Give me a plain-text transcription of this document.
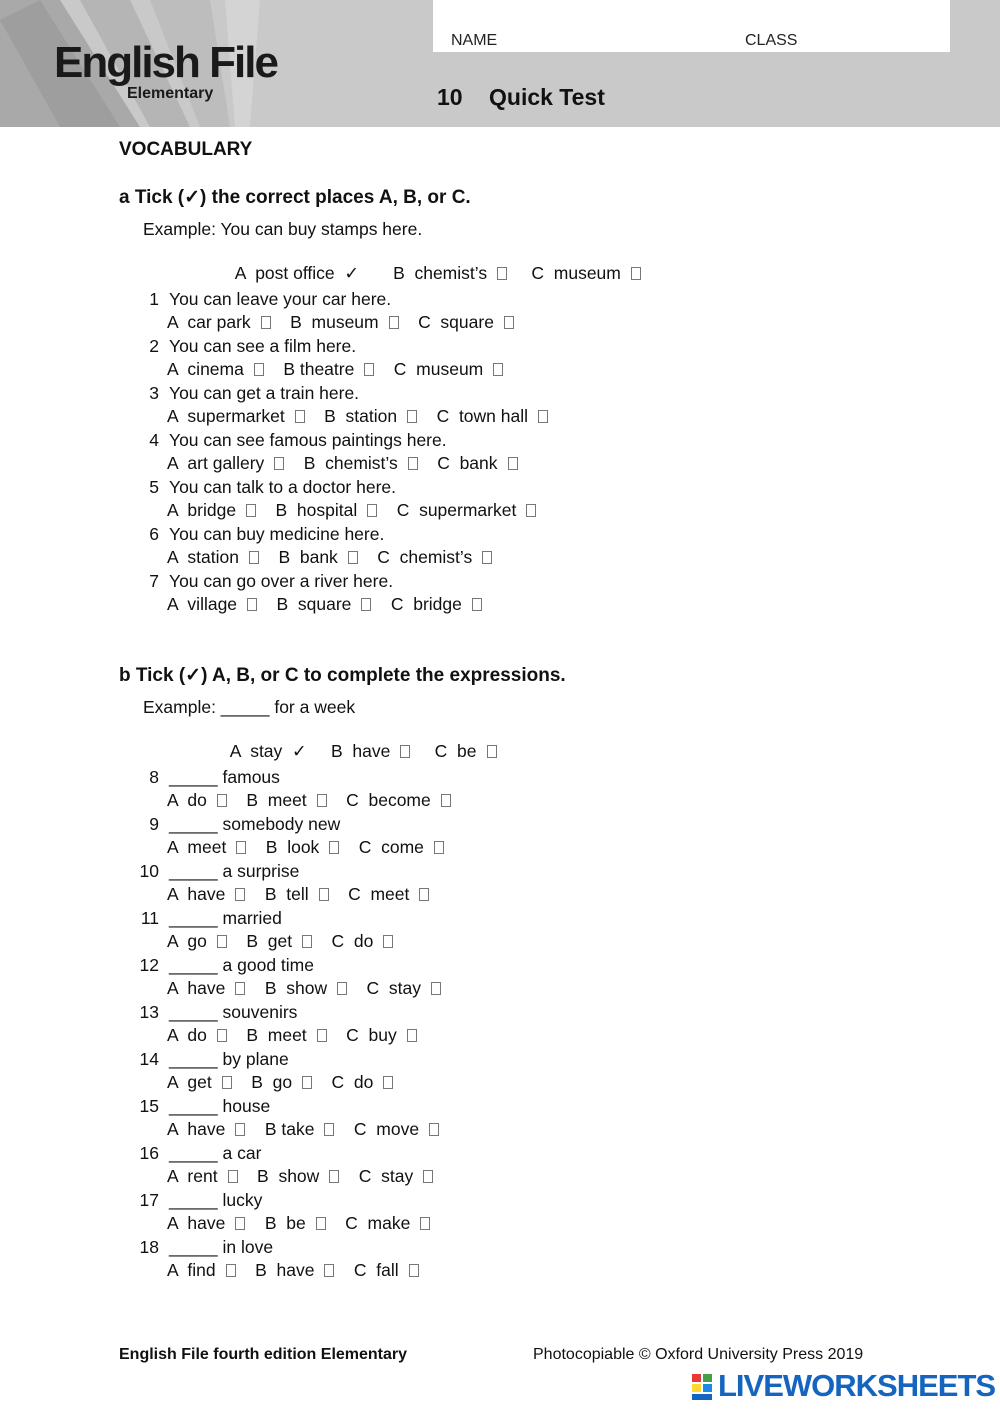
English File
Elementary
NAME	CLASS
10 Quick Test
VOCABULARY
a Tick (✓) the correct places A, B, or C.
Example: You can buy stamps here.

A  post office  ✓       B  chemist’s	C  museum

1 You can leave your car here.
A  car park B  museum C  square
2 You can see a film here.
A  cinema B theatre C  museum
3 You can get a train here.
A  supermarket B  station C  town hall
4 You can see famous paintings here.
A  art gallery B  chemist’s C  bank
5 You can talk to a doctor here.
A  bridge B  hospital C  supermarket
6 You can buy medicine here.
A  station B  bank C  chemist’s
7 You can go over a river here.
A  village B  square C  bridge
b Tick (✓) A, B, or C to complete the expressions.
Example: _____ for a week

A  stay  ✓ B  have	C  be

8 _____ famous
A  do B  meet C  become
9 _____ somebody new
A  meet B  look C  come
10 _____ a surprise
A  have B  tell C  meet
11 _____ married
A  go B  get C  do
12 _____ a good time
A  have B  show C  stay
13 _____ souvenirs
A  do B  meet C  buy
14 _____ by plane
A  get B  go C  do
15 _____ house
A  have B take C  move
16 _____ a car
A  rent B  show C  stay
17 _____ lucky
A  have B  be C  make
18 _____ in love
A  find B  have C  fall
English File fourth edition Elementary	Photocopiable © Oxford University Press 2019
LIVEWORKSHEETS
